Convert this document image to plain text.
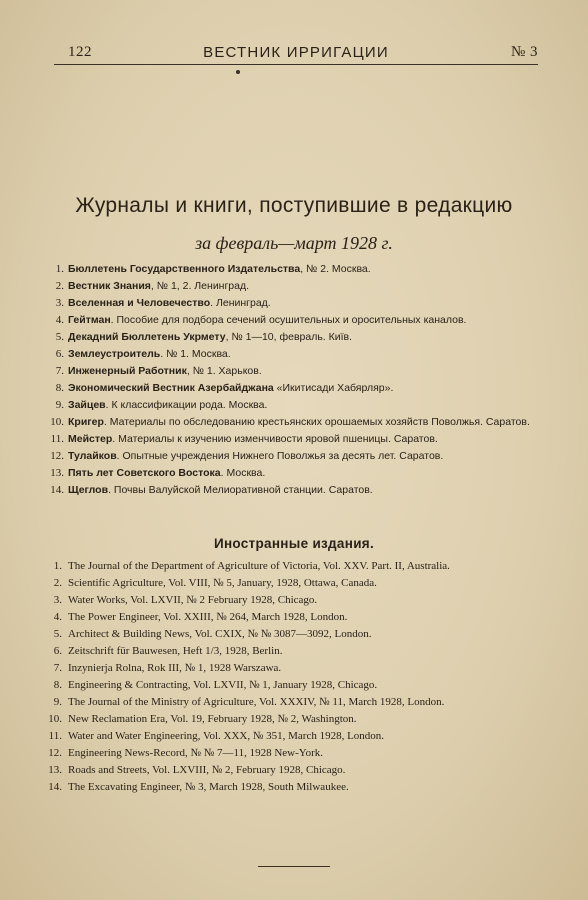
122	ВЕСТНИК ИРРИГАЦИИ	№ 3
Журналы и книги, поступившие в редакцию
за февраль—март 1928 г.
1. Бюллетень Государственного Издательства, № 2. Москва.
2. Вестник Знания, № 1, 2. Ленинград.
3. Вселенная и Человечество. Ленинград.
4. Гейтман. Пособие для подбора сечений осушительных и оросительных каналов.
5. Декадний Бюллетень Укрмету, № 1—10, февраль. Київ.
6. Землеустроитель. № 1. Москва.
7. Инженерный Работник, № 1. Харьков.
8. Экономический Вестник Азербайджана «Икитисади Хабярляр».
9. Зайцев. К классификации рода. Москва.
10. Кригер. Материалы по обследованию крестьянских орошаемых хозяйств Поволжья. Саратов.
11. Мейстер. Материалы к изучению изменчивости яровой пшеницы. Саратов.
12. Тулайков. Опытные учреждения Нижнего Поволжья за десять лет. Саратов.
13. Пять лет Советского Востока. Москва.
14. Щеглов. Почвы Валуйской Мелиоративной станции. Саратов.
Иностранные издания.
1. The Journal of the Department of Agriculture of Victoria, Vol. XXV. Part. II, Australia.
2. Scientific Agriculture, Vol. VIII, № 5, January, 1928, Ottawa, Canada.
3. Water Works, Vol. LXVII, № 2 February 1928, Chicago.
4. The Power Engineer, Vol. XXIII, № 264, March 1928, London.
5. Architect & Building News, Vol. CXIX, № № 3087—3092, London.
6. Zeitschrift für Bauwesen, Heft 1/3, 1928, Berlin.
7. Inzynierja Rolna, Rok III, № 1, 1928 Warszawa.
8. Engineering & Contracting, Vol. LXVII, № 1, January 1928, Chicago.
9. The Journal of the Ministry of Agriculture, Vol. XXXIV, № 11, March 1928, London.
10. New Reclamation Era, Vol. 19, February 1928, № 2, Washington.
11. Water and Water Engineering, Vol. XXX, № 351, March 1928, London.
12. Engineering News-Record, № № 7—11, 1928 New-York.
13. Roads and Streets, Vol. LXVIII, № 2, February 1928, Chicago.
14. The Excavating Engineer, № 3, March 1928, South Milwaukee.
